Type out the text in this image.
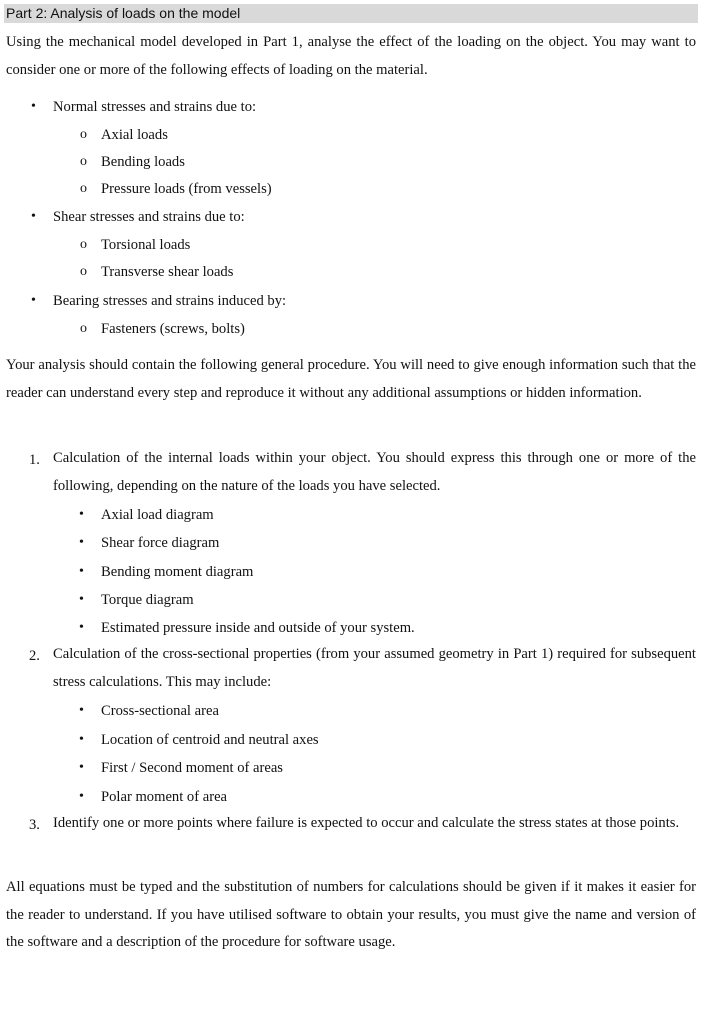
Part 2: Analysis of loads on the model
Using the mechanical model developed in Part 1, analyse the effect of the loading on the object. You may want to consider one or more of the following effects of loading on the material.
• Normal stresses and strains due to:
o Axial loads
o Bending loads
o Pressure loads (from vessels)
• Shear stresses and strains due to:
o Torsional loads
o Transverse shear loads
• Bearing stresses and strains induced by:
o Fasteners (screws, bolts)
Your analysis should contain the following general procedure. You will need to give enough information such that the reader can understand every step and reproduce it without any additional assumptions or hidden information.
1. Calculation of the internal loads within your object. You should express this through one or more of the following, depending on the nature of the loads you have selected.
• Axial load diagram
• Shear force diagram
• Bending moment diagram
• Torque diagram
• Estimated pressure inside and outside of your system.
2. Calculation of the cross-sectional properties (from your assumed geometry in Part 1) required for subsequent stress calculations. This may include:
• Cross-sectional area
• Location of centroid and neutral axes
• First / Second moment of areas
• Polar moment of area
3. Identify one or more points where failure is expected to occur and calculate the stress states at those points.
All equations must be typed and the substitution of numbers for calculations should be given if it makes it easier for the reader to understand. If you have utilised software to obtain your results, you must give the name and version of the software and a description of the procedure for software usage.
